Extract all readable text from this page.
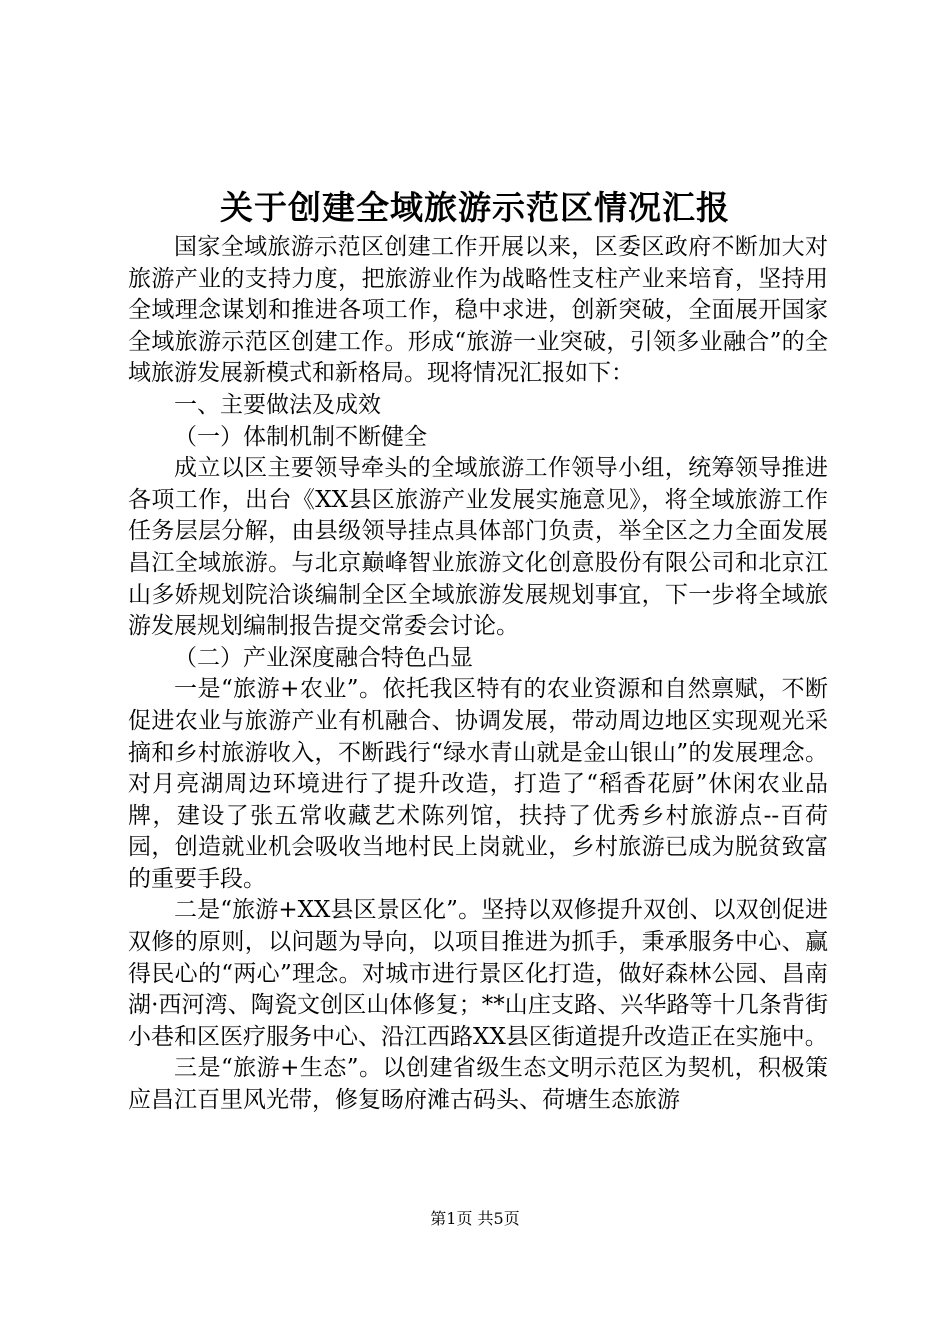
关于创建全域旅游示范区情况汇报

国家全域旅游示范区创建工作开展以来，区委区政府不断加大对旅游产业的支持力度，把旅游业作为战略性支柱产业来培育，坚持用全域理念谋划和推进各项工作，稳中求进，创新突破，全面展开国家全域旅游示范区创建工作。形成“旅游一业突破，引领多业融合”的全域旅游发展新模式和新格局。现将情况汇报如下：

一、主要做法及成效

（一）体制机制不断健全

成立以区主要领导牵头的全域旅游工作领导小组，统筹领导推进各项工作，出台《XX县区旅游产业发展实施意见》，将全域旅游工作任务层层分解，由县级领导挂点具体部门负责，举全区之力全面发展昌江全域旅游。与北京巅峰智业旅游文化创意股份有限公司和北京江山多娇规划院洽谈编制全区全域旅游发展规划事宜，下一步将全域旅游发展规划编制报告提交常委会讨论。

（二）产业深度融合特色凸显

一是“旅游+农业”。依托我区特有的农业资源和自然禀赋，不断促进农业与旅游产业有机融合、协调发展，带动周边地区实现观光采摘和乡村旅游收入，不断践行“绿水青山就是金山银山”的发展理念。对月亮湖周边环境进行了提升改造，打造了“稻香花厨”休闲农业品牌，建设了张五常收藏艺术陈列馆，扶持了优秀乡村旅游点--百荷园，创造就业机会吸收当地村民上岗就业，乡村旅游已成为脱贫致富的重要手段。

二是“旅游+XX县区景区化”。坚持以双修提升双创、以双创促进双修的原则，以问题为导向，以项目推进为抓手，秉承服务中心、赢得民心的“两心”理念。对城市进行景区化打造，做好森林公园、昌南湖·西河湾、陶瓷文创区山体修复；**山庄支路、兴华路等十几条背街小巷和区医疗服务中心、沿江西路XX县区街道提升改造正在实施中。

三是“旅游+生态”。以创建省级生态文明示范区为契机，积极策应昌江百里风光带，修复旸府滩古码头、荷塘生态旅游

第1页 共5页
